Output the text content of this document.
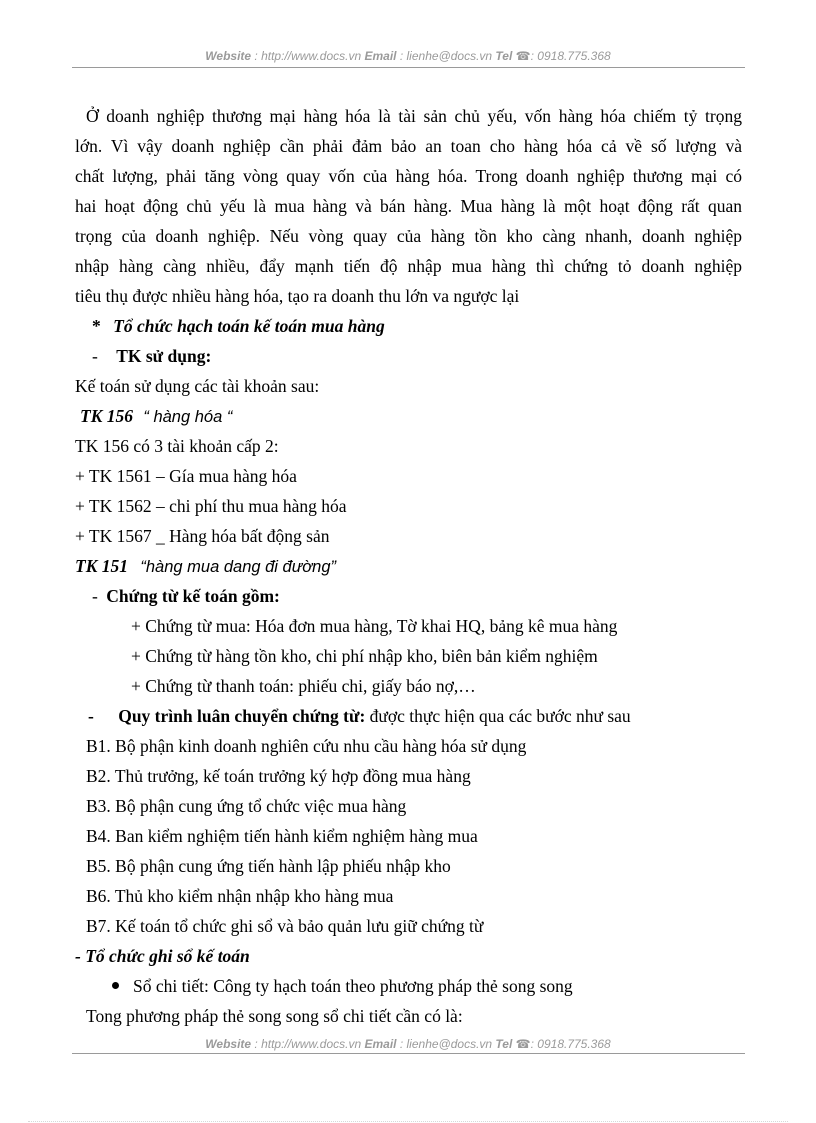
Website : http://www.docs.vn Email : lienhe@docs.vn Tel ☎: 0918.775.368
Ở doanh nghiệp thương mại hàng hóa là tài sản chủ yếu, vốn hàng hóa chiếm tỷ trọng
lớn. Vì vậy doanh nghiệp cần phải đảm bảo an toan cho hàng hóa cả về số lượng và
chất lượng, phải tăng vòng quay vốn của hàng hóa. Trong doanh nghiệp thương mại có
hai hoạt động chủ yếu là mua hàng và bán hàng. Mua hàng là một hoạt động rất quan
trọng của doanh nghiệp. Nếu vòng quay của hàng tồn kho càng nhanh, doanh nghiệp
nhập hàng càng nhiều, đẩy mạnh tiến độ nhập mua hàng thì chứng tỏ doanh nghiệp
tiêu thụ được nhiều hàng hóa, tạo ra doanh thu lớn va ngược lại
* Tổ chức hạch toán kế toán mua hàng
- TK sử dụng:
Kế toán sử dụng các tài khoản sau:
TK 156 “ hàng hóa “
TK 156 có 3 tài khoản cấp 2:
+ TK 1561 – Gía mua hàng hóa
+ TK 1562 – chi phí thu mua hàng hóa
+ TK 1567 _ Hàng hóa bất động sản
TK 151 “hàng mua dang đi đường”
- Chứng từ kế toán gồm:
+ Chứng từ mua: Hóa đơn mua hàng, Tờ khai HQ, bảng kê mua hàng
+ Chứng từ hàng tồn kho, chi phí nhập kho, biên bản kiểm nghiệm
+ Chứng từ thanh toán: phiếu chi, giấy báo nợ,…
- Quy trình luân chuyển chứng từ: được thực hiện qua các bước như sau
B1. Bộ phận kinh doanh nghiên cứu nhu cầu hàng hóa sử dụng
B2. Thủ trưởng, kế toán trưởng ký hợp đồng mua hàng
B3. Bộ phận cung ứng tổ chức việc mua hàng
B4. Ban kiểm nghiệm tiến hành kiểm nghiệm hàng mua
B5. Bộ phận cung ứng tiến hành lập phiếu nhập kho
B6. Thủ kho kiểm nhận nhập kho hàng mua
B7. Kế toán tổ chức ghi sổ và bảo quản lưu giữ chứng từ
- Tổ chức ghi sổ kế toán
Sổ chi tiết: Công ty hạch toán theo phương pháp thẻ song song
Tong phương pháp thẻ song song sổ chi tiết cần có là:
Website : http://www.docs.vn Email : lienhe@docs.vn Tel ☎: 0918.775.368
